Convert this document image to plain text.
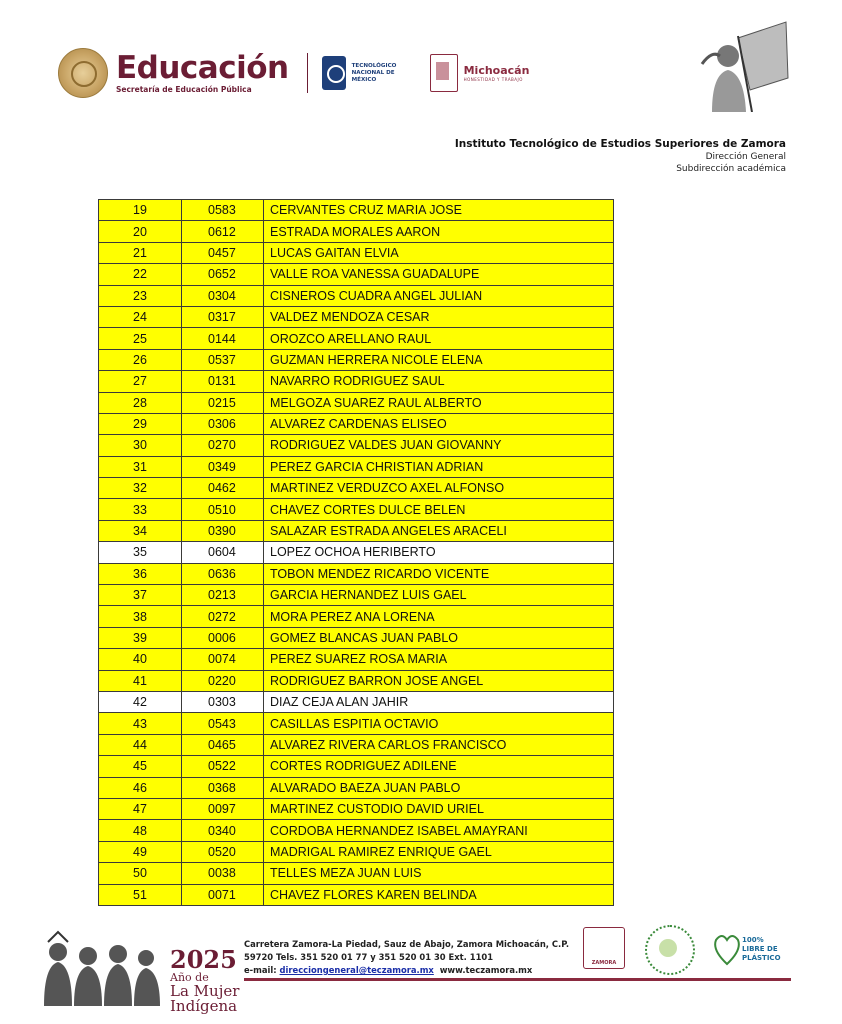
Educación
Secretaría de Educación Pública
TECNOLÓGICO NACIONAL DE MÉXICO
Michoacán
HONESTIDAD Y TRABAJO
Instituto Tecnológico de Estudios Superiores de Zamora
Dirección General
Subdirección académica
19	0583	CERVANTES CRUZ MARIA JOSE
20	0612	ESTRADA MORALES AARON
21	0457	LUCAS GAITAN ELVIA
22	0652	VALLE ROA VANESSA GUADALUPE
23	0304	CISNEROS CUADRA ANGEL JULIAN
24	0317	VALDEZ MENDOZA CESAR
25	0144	OROZCO ARELLANO RAUL
26	0537	GUZMAN HERRERA NICOLE ELENA
27	0131	NAVARRO RODRIGUEZ SAUL
28	0215	MELGOZA SUAREZ RAUL ALBERTO
29	0306	ALVAREZ CARDENAS ELISEO
30	0270	RODRIGUEZ VALDES JUAN GIOVANNY
31	0349	PEREZ GARCIA CHRISTIAN ADRIAN
32	0462	MARTINEZ VERDUZCO AXEL ALFONSO
33	0510	CHAVEZ CORTES DULCE BELEN
34	0390	SALAZAR ESTRADA ANGELES ARACELI
35	0604	LOPEZ OCHOA HERIBERTO
36	0636	TOBON MENDEZ RICARDO VICENTE
37	0213	GARCIA HERNANDEZ LUIS GAEL
38	0272	MORA PEREZ ANA LORENA
39	0006	GOMEZ BLANCAS JUAN PABLO
40	0074	PEREZ SUAREZ ROSA MARIA
41	0220	RODRIGUEZ BARRON JOSE ANGEL
42	0303	DIAZ CEJA ALAN JAHIR
43	0543	CASILLAS ESPITIA OCTAVIO
44	0465	ALVAREZ RIVERA CARLOS FRANCISCO
45	0522	CORTES RODRIGUEZ ADILENE
46	0368	ALVARADO BAEZA JUAN PABLO
47	0097	MARTINEZ CUSTODIO DAVID URIEL
48	0340	CORDOBA HERNANDEZ ISABEL AMAYRANI
49	0520	MADRIGAL RAMIREZ ENRIQUE GAEL
50	0038	TELLES MEZA JUAN LUIS
51	0071	CHAVEZ FLORES KAREN BELINDA
2025
Año de
La Mujer
Indígena
Carretera Zamora-La Piedad, Sauz de Abajo, Zamora Michoacán, C.P.
59720 Tels. 351 520 01 77 y 351 520 01 30 Ext. 1101
e-mail: direcciongeneral@teczamora.mx www.teczamora.mx
ZAMORA
100%
LIBRE DE PLÁSTICO
